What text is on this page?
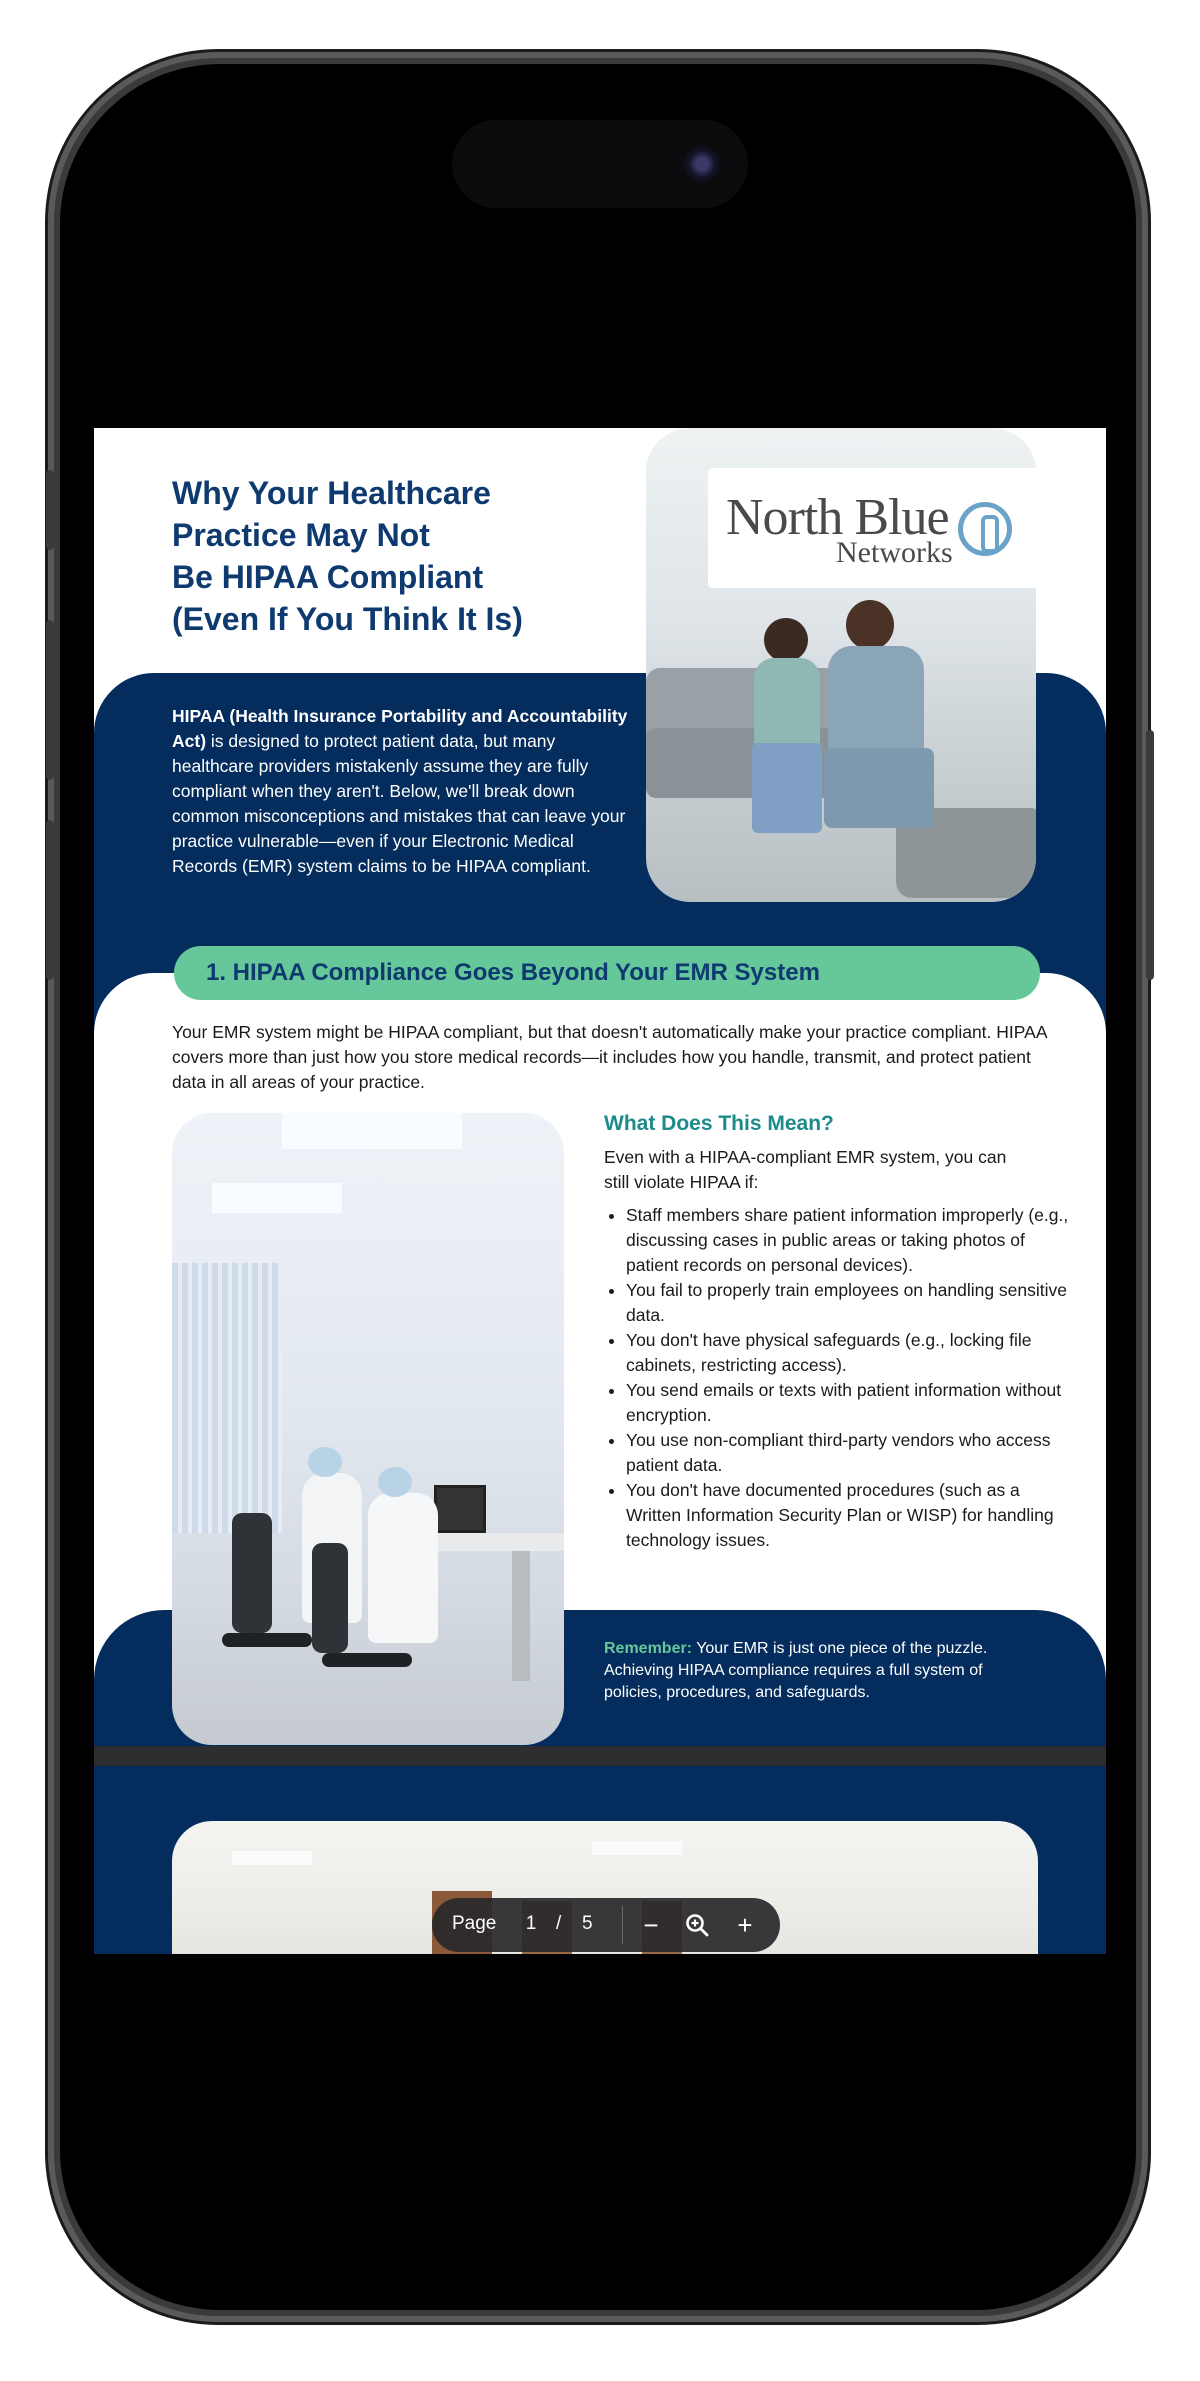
Why Your Healthcare
Practice May Not
Be HIPAA Compliant
(Even If You Think It Is)
North Blue
Networks
HIPAA (Health Insurance Portability and Accountability Act) is designed to protect patient data, but many healthcare providers mistakenly assume they are fully compliant when they aren't. Below, we'll break down common misconceptions and mistakes that can leave your practice vulnerable—even if your Electronic Medical Records (EMR) system claims to be HIPAA compliant.
1. HIPAA Compliance Goes Beyond Your EMR System
Your EMR system might be HIPAA compliant, but that doesn't automatically make your practice compliant. HIPAA covers more than just how you store medical records—it includes how you handle, transmit, and protect patient data in all areas of your practice.
What Does This Mean?
Even with a HIPAA-compliant EMR system, you can still violate HIPAA if:
• Staff members share patient information improperly (e.g., discussing cases in public areas or taking photos of patient records on personal devices).
• You fail to properly train employees on handling sensitive data.
• You don't have physical safeguards (e.g., locking file cabinets, restricting access).
• You send emails or texts with patient information without encryption.
• You use non-compliant third-party vendors who access patient data.
• You don't have documented procedures (such as a Written Information Security Plan or WISP) for handling technology issues.
Remember: Your EMR is just one piece of the puzzle. Achieving HIPAA compliance requires a full system of policies, procedures, and safeguards.
Page	1	/ 5	−	+
